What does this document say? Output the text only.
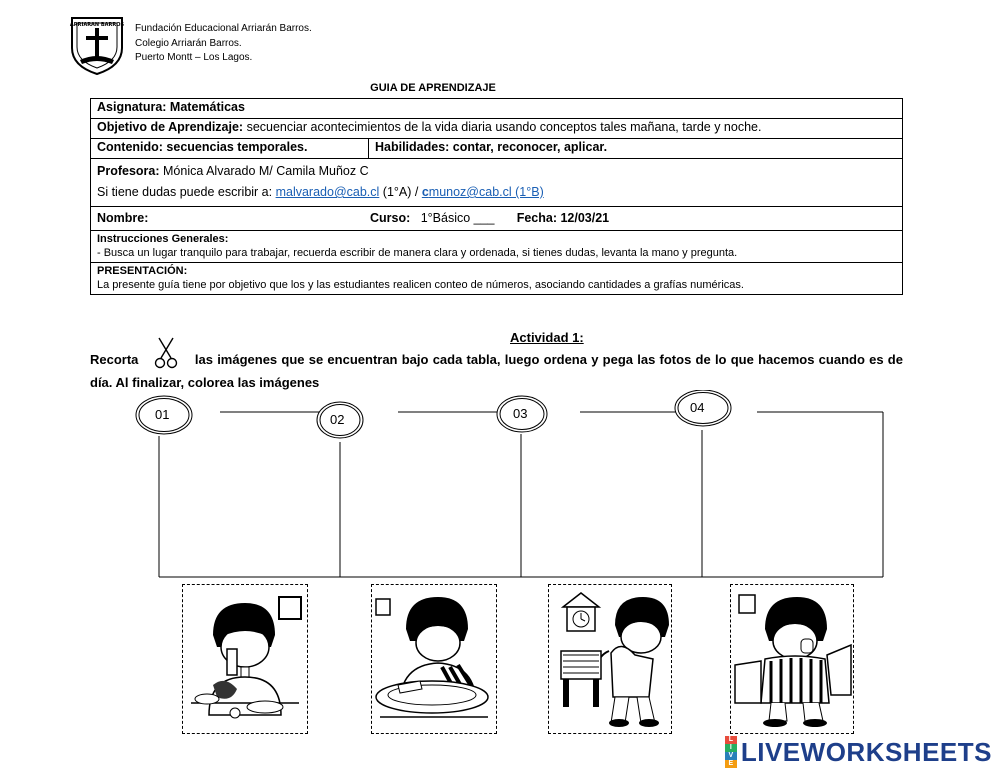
ARRIARAN BARROS Fundación Educacional Arriarán Barros.
Colegio Arriarán Barros.
Puerto Montt – Los Lagos.
GUIA DE APRENDIZAJE
Asignatura: Matemáticas
Objetivo de Aprendizaje: secuenciar acontecimientos de la vida diaria usando conceptos tales mañana, tarde y noche.
Contenido: secuencias temporales.	Habilidades: contar, reconocer, aplicar.

Profesora: Mónica Alvarado M/ Camila Muñoz C
Si tiene dudas puede escribir a: malvarado@cab.cl (1°A) / cmunoz@cab.cl (1°B)

Nombre:	Curso: 1°Básico ___ Fecha: 12/03/21

Instrucciones Generales:
- Busca un lugar tranquilo para trabajar, recuerda escribir de manera clara y ordenada, si tienes dudas, levanta la mano y pregunta.

PRESENTACIÓN:
La presente guía tiene por objetivo que los y las estudiantes realicen conteo de números, asociando cantidades a grafías numéricas.
Actividad 1:
Recorta	las imágenes que se encuentran bajo cada tabla, luego ordena y pega las fotos de lo que hacemos cuando es de día. Al finalizar, colorea las imágenes
01	02	03	04
L
I
V
E LIVEWORKSHEETS
